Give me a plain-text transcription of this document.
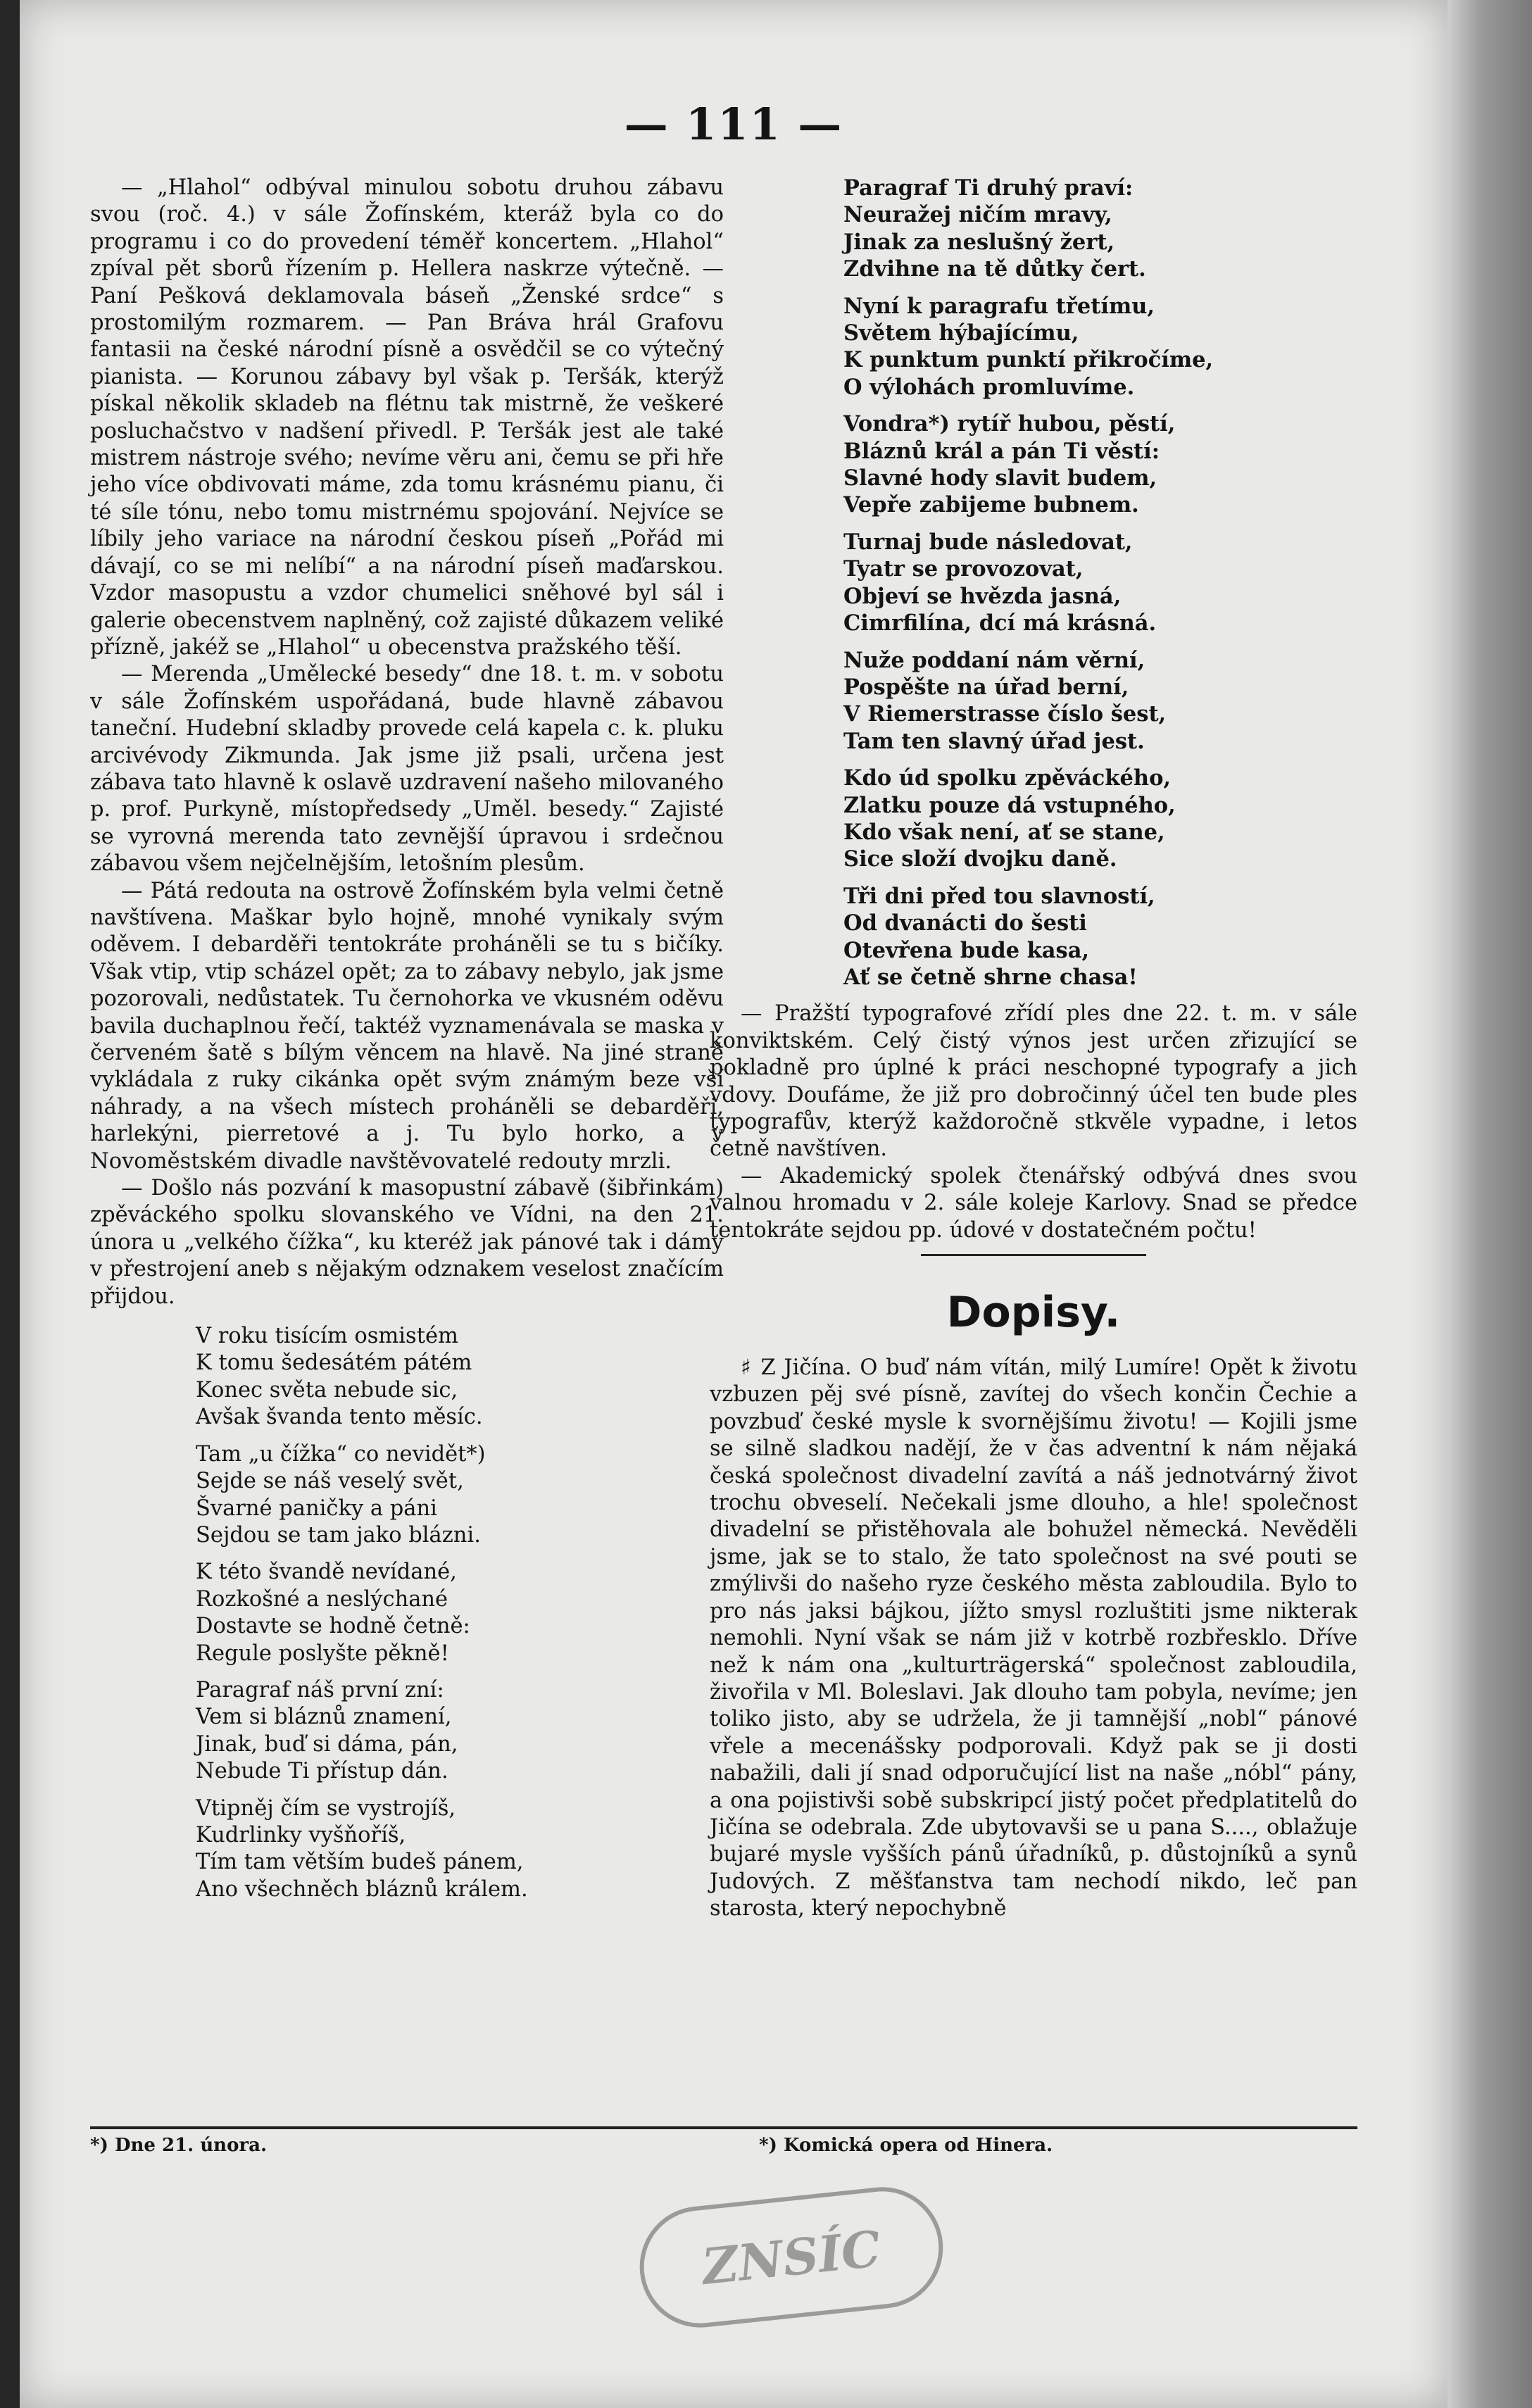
— 111 —

— „Hlahol“ odbýval minulou sobotu druhou zábavu svou (roč. 4.) v sále Žofínském, kteráž byla co do programu i co do provedení téměř koncertem. „Hlahol“ zpíval pět sborů řízením p. Hellera naskrze výtečně. — Paní Pešková deklamovala báseň „Ženské srdce“ s prostomilým rozmarem. — Pan Bráva hrál Grafovu fantasii na české národní písně a osvědčil se co výtečný pianista. — Korunou zábavy byl však p. Teršák, kterýž pískal několik skladeb na flétnu tak mistrně, že veškeré posluchačstvo v nadšení přivedl. P. Teršák jest ale také mistrem nástroje svého; nevíme věru ani, čemu se při hře jeho více obdivovati máme, zda tomu krásnému pianu, či té síle tónu, nebo tomu mistrnému spojování. Nejvíce se líbily jeho variace na národní českou píseň „Pořád mi dávají, co se mi nelíbí“ a na národní píseň maďarskou. Vzdor masopustu a vzdor chumelici sněhové byl sál i galerie obecenstvem naplněný, což zajisté důkazem veliké přízně, jakéž se „Hlahol“ u obecenstva pražského těší.

— Merenda „Umělecké besedy“ dne 18. t. m. v sobotu v sále Žofínském uspořádaná, bude hlavně zábavou taneční. Hudební skladby provede celá kapela c. k. pluku arcivévody Zikmunda. Jak jsme již psali, určena jest zábava tato hlavně k oslavě uzdravení našeho milovaného p. prof. Purkyně, místopředsedy „Uměl. besedy.“ Zajisté se vyrovná merenda tato zevnější úpravou i srdečnou zábavou všem nejčelnějším, letošním plesům.

— Pátá redouta na ostrově Žofínském byla velmi četně navštívena. Maškar bylo hojně, mnohé vynikaly svým oděvem. I debarděři tentokráte proháněli se tu s bičíky. Však vtip, vtip scházel opět; za to zábavy nebylo, jak jsme pozorovali, nedůstatek. Tu černohorka ve vkusném oděvu bavila duchaplnou řečí, taktéž vyznamenávala se maska v červeném šatě s bílým věncem na hlavě. Na jiné straně vykládala z ruky cikánka opět svým známým beze vší náhrady, a na všech místech proháněli se debarděři, harlekýni, pierretové a j. Tu bylo horko, a v Novoměstském divadle navštěvovatelé redouty mrzli.

— Došlo nás pozvání k masopustní zábavě (šibřinkám) zpěváckého spolku slovanského ve Vídni, na den 21. února u „velkého čížka“, ku kteréž jak pánové tak i dámy v přestrojení aneb s nějakým odznakem veselost značícím přijdou.

V roku tisícím osmistém
K tomu šedesátém pátém
Konec světa nebude sic,
Avšak švanda tento měsíc.
Tam „u čížka“ co nevidět*)
Sejde se náš veselý svět,
Švarné paničky a páni
Sejdou se tam jako blázni.
K této švandě nevídané,
Rozkošné a neslýchané
Dostavte se hodně četně:
Regule poslyšte pěkně!
Paragraf náš první zní:
Vem si bláznů znamení,
Jinak, buď si dáma, pán,
Nebude Ti přístup dán.
Vtipněj čím se vystrojíš,
Kudrlinky vyšňoříš,
Tím tam větším budeš pánem,
Ano všechněch bláznů králem.
Paragraf Ti druhý praví:
Neuražej ničím mravy,
Jinak za neslušný žert,
Zdvihne na tě důtky čert.
Nyní k paragrafu třetímu,
Světem hýbajícímu,
K punktum punktí přikročíme,
O výlohách promluvíme.
Vondra*) rytíř hubou, pěstí,
Bláznů král a pán Ti věstí:
Slavné hody slavit budem,
Vepře zabijeme bubnem.
Turnaj bude následovat,
Tyatr se provozovat,
Objeví se hvězda jasná,
Cimrfilína, dcí má krásná.
Nuže poddaní nám věrní,
Pospěšte na úřad berní,
V Riemerstrasse číslo šest,
Tam ten slavný úřad jest.
Kdo úd spolku zpěváckého,
Zlatku pouze dá vstupného,
Kdo však není, ať se stane,
Sice složí dvojku daně.
Tři dni před tou slavností,
Od dvanácti do šesti
Otevřena bude kasa,
Ať se četně shrne chasa!

— Pražští typografové zřídí ples dne 22. t. m. v sále konviktském. Celý čistý výnos jest určen zřizující se pokladně pro úplné k práci neschopné typografy a jich vdovy. Doufáme, že již pro dobročinný účel ten bude ples typografův, kterýž každoročně stkvěle vypadne, i letos četně navštíven.

— Akademický spolek čtenářský odbývá dnes svou valnou hromadu v 2. sále koleje Karlovy. Snad se předce tentokráte sejdou pp. údové v dostatečném počtu!

Dopisy.

♯ Z Jičína. O buď nám vítán, milý Lumíre! Opět k životu vzbuzen pěj své písně, zavítej do všech končin Čechie a povzbuď české mysle k svornějšímu životu! — Kojili jsme se silně sladkou nadějí, že v čas adventní k nám nějaká česká společnost divadelní zavítá a náš jednotvárný život trochu obveselí. Nečekali jsme dlouho, a hle! společnost divadelní se přistěhovala ale bohužel německá. Nevěděli jsme, jak se to stalo, že tato společnost na své pouti se zmýlivši do našeho ryze českého města zabloudila. Bylo to pro nás jaksi bájkou, jížto smysl rozluštiti jsme nikterak nemohli. Nyní však se nám již v kotrbě rozbřesklo. Dříve než k nám ona „kulturträgerská“ společnost zabloudila, živořila v Ml. Boleslavi. Jak dlouho tam pobyla, nevíme; jen toliko jisto, aby se udržela, že ji tamnější „nobl“ pánové vřele a mecenášsky podporovali. Když pak se ji dosti nabažili, dali jí snad odporučující list na naše „nóbl“ pány, a ona pojistivši sobě subskripcí jistý počet předplatitelů do Jičína se odebrala. Zde ubytovavši se u pana S...., oblažuje bujaré mysle vyšších pánů úřadníků, p. důstojníků a synů Judových. Z měšťanstva tam nechodí nikdo, leč pan starosta, který nepochybně

*) Dne 21. února.	*) Komická opera od Hinera.
ZNSÍC
